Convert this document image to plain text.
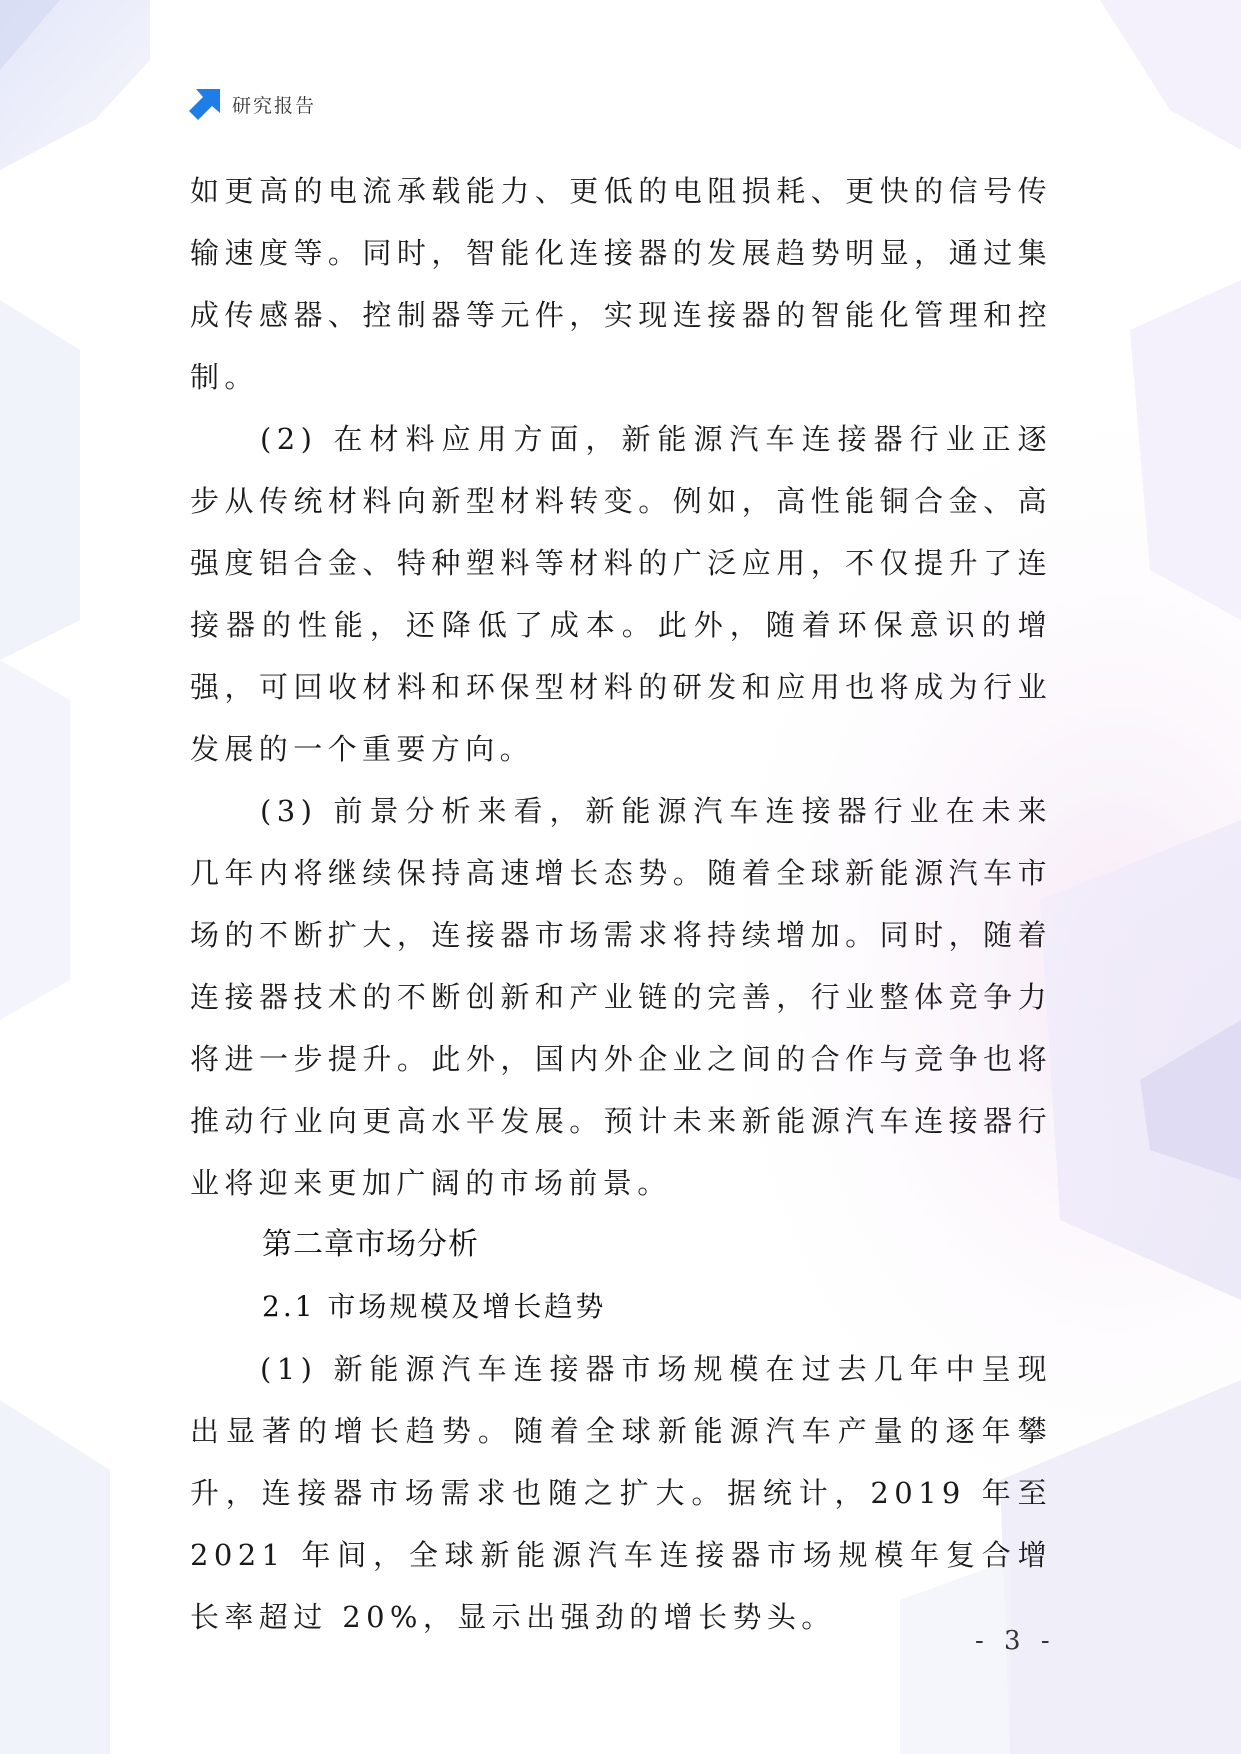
研究报告

如更高的电流承载能力、更低的电阻损耗、更快的信号传输速度等。同时，智能化连接器的发展趋势明显，通过集成传感器、控制器等元件，实现连接器的智能化管理和控制。

(2) 在材料应用方面，新能源汽车连接器行业正逐步从传统材料向新型材料转变。例如，高性能铜合金、高强度铝合金、特种塑料等材料的广泛应用，不仅提升了连接器的性能，还降低了成本。此外，随着环保意识的增强，可回收材料和环保型材料的研发和应用也将成为行业发展的一个重要方向。

(3) 前景分析来看，新能源汽车连接器行业在未来几年内将继续保持高速增长态势。随着全球新能源汽车市场的不断扩大，连接器市场需求将持续增加。同时，随着连接器技术的不断创新和产业链的完善，行业整体竞争力将进一步提升。此外，国内外企业之间的合作与竞争也将推动行业向更高水平发展。预计未来新能源汽车连接器行业将迎来更加广阔的市场前景。

第二章市场分析

2.1 市场规模及增长趋势

(1) 新能源汽车连接器市场规模在过去几年中呈现出显著的增长趋势。随着全球新能源汽车产量的逐年攀升，连接器市场需求也随之扩大。据统计，2019 年至 2021 年间，全球新能源汽车连接器市场规模年复合增长率超过 20%，显示出强劲的增长势头。

- 3 -
